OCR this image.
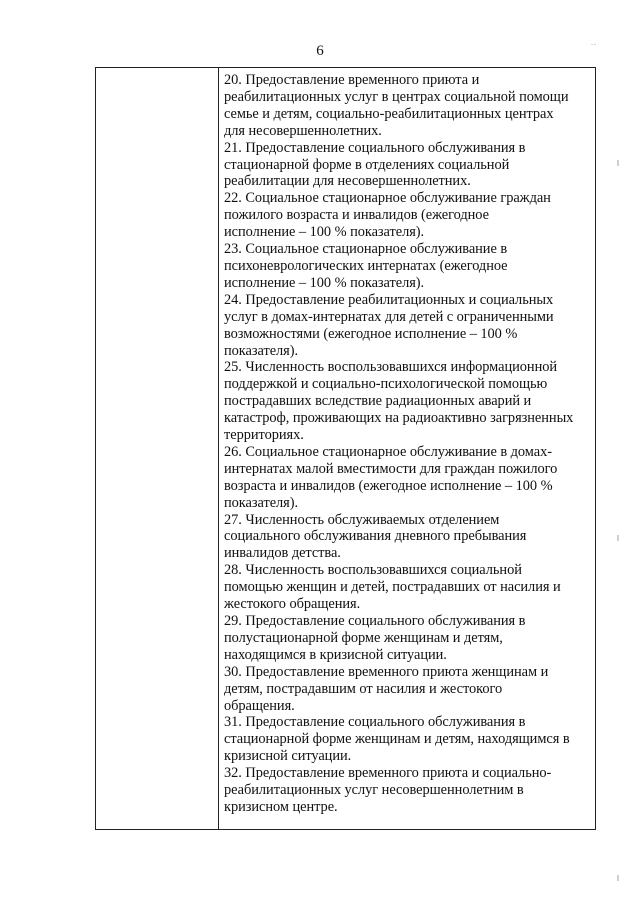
6
..

20. Предоставление временного приюта и
реабилитационных услуг в центрах социальной помощи
семье и детям, социально-реабилитационных центрах
для несовершеннолетних.
21. Предоставление социального обслуживания в
стационарной форме в отделениях социальной
реабилитации для несовершеннолетних.
22. Социальное стационарное обслуживание граждан
пожилого возраста и инвалидов (ежегодное
исполнение – 100 % показателя).
23. Социальное стационарное обслуживание в
психоневрологических интернатах (ежегодное
исполнение – 100 % показателя).
24. Предоставление реабилитационных и социальных
услуг в домах-интернатах для детей с ограниченными
возможностями (ежегодное исполнение – 100 %
показателя).
25. Численность воспользовавшихся информационной
поддержкой и социально-психологической помощью
пострадавших вследствие радиационных аварий и
катастроф, проживающих на радиоактивно загрязненных
территориях.
26. Социальное стационарное обслуживание в домах-
интернатах малой вместимости для граждан пожилого
возраста и инвалидов (ежегодное исполнение – 100 %
показателя).
27. Численность обслуживаемых отделением
социального обслуживания дневного пребывания
инвалидов детства.
28. Численность воспользовавшихся социальной
помощью женщин и детей, пострадавших от насилия и
жестокого обращения.
29. Предоставление социального обслуживания в
полустационарной форме женщинам и детям,
находящимся в кризисной ситуации.
30. Предоставление временного приюта женщинам и
детям, пострадавшим от насилия и жестокого
обращения.
31. Предоставление социального обслуживания в
стационарной форме женщинам и детям, находящимся в
кризисной ситуации.
32. Предоставление временного приюта и социально-
реабилитационных услуг несовершеннолетним в
кризисном центре.
